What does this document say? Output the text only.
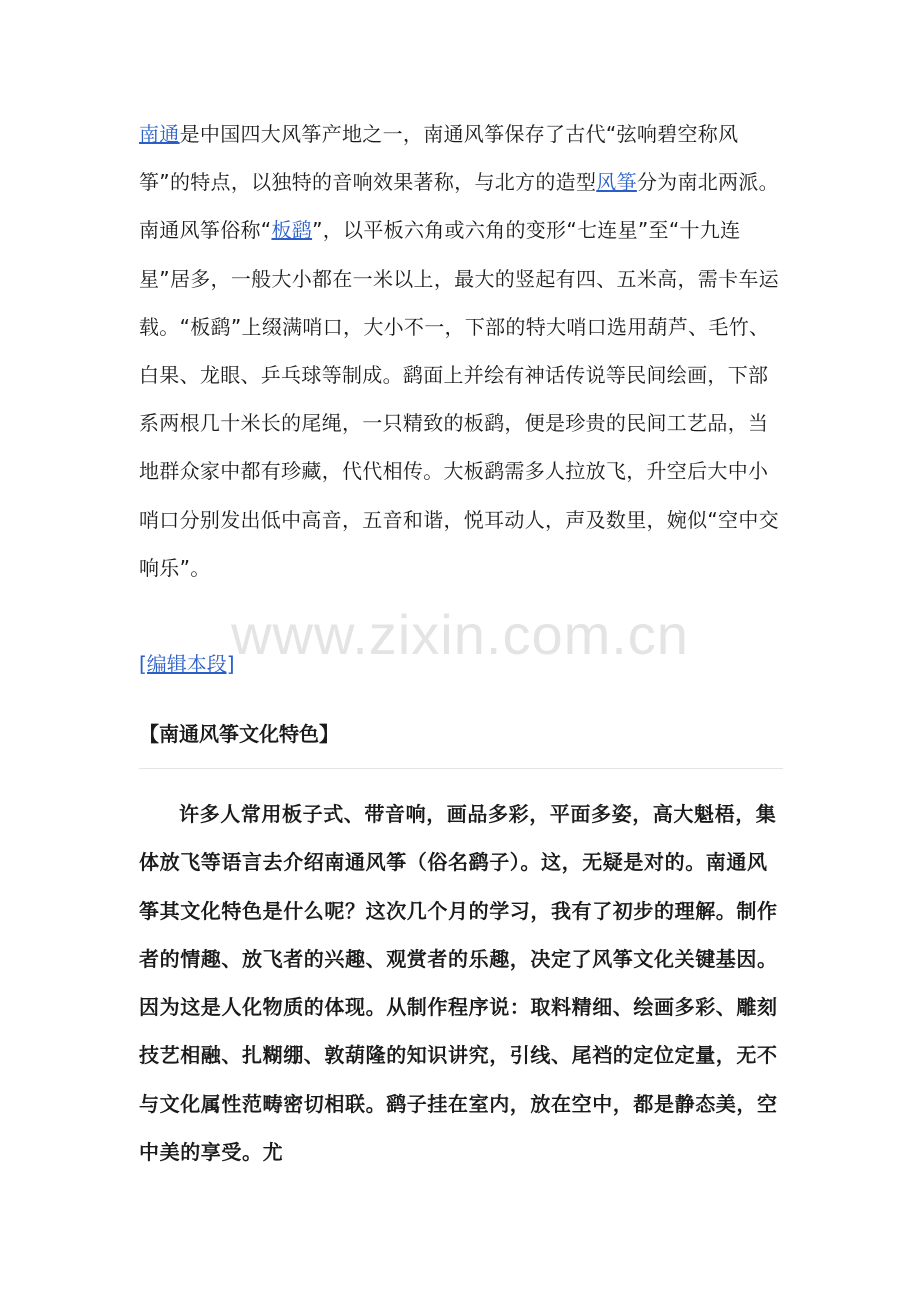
南通是中国四大风筝产地之一，南通风筝保存了古代“弦响碧空称风筝”的特点，以独特的音响效果著称，与北方的造型风筝分为南北两派。南通风筝俗称“板鹞”，以平板六角或六角的变形“七连星”至“十九连星”居多，一般大小都在一米以上，最大的竖起有四、五米高，需卡车运载。“板鹞”上缀满哨口，大小不一，下部的特大哨口选用葫芦、毛竹、白果、龙眼、乒乓球等制成。鹞面上并绘有神话传说等民间绘画，下部系两根几十米长的尾绳，一只精致的板鹞，便是珍贵的民间工艺品，当地群众家中都有珍藏，代代相传。大板鹞需多人拉放飞，升空后大中小哨口分别发出低中高音，五音和谐，悦耳动人，声及数里，婉似“空中交响乐”。

www.zixin.com.cn
[编辑本段]
【南通风筝文化特色】

许多人常用板子式、带音响，画品多彩，平面多姿，高大魁梧，集体放飞等语言去介绍南通风筝（俗名鹞子）。这，无疑是对的。南通风筝其文化特色是什么呢？这次几个月的学习，我有了初步的理解。制作者的情趣、放飞者的兴趣、观赏者的乐趣，决定了风筝文化关键基因。因为这是人化物质的体现。从制作程序说：取料精细、绘画多彩、雕刻技艺相融、扎糊绷、敦葫隆的知识讲究，引线、尾裆的定位定量，无不与文化属性范畴密切相联。鹞子挂在室内，放在空中，都是静态美，空中美的享受。尤
